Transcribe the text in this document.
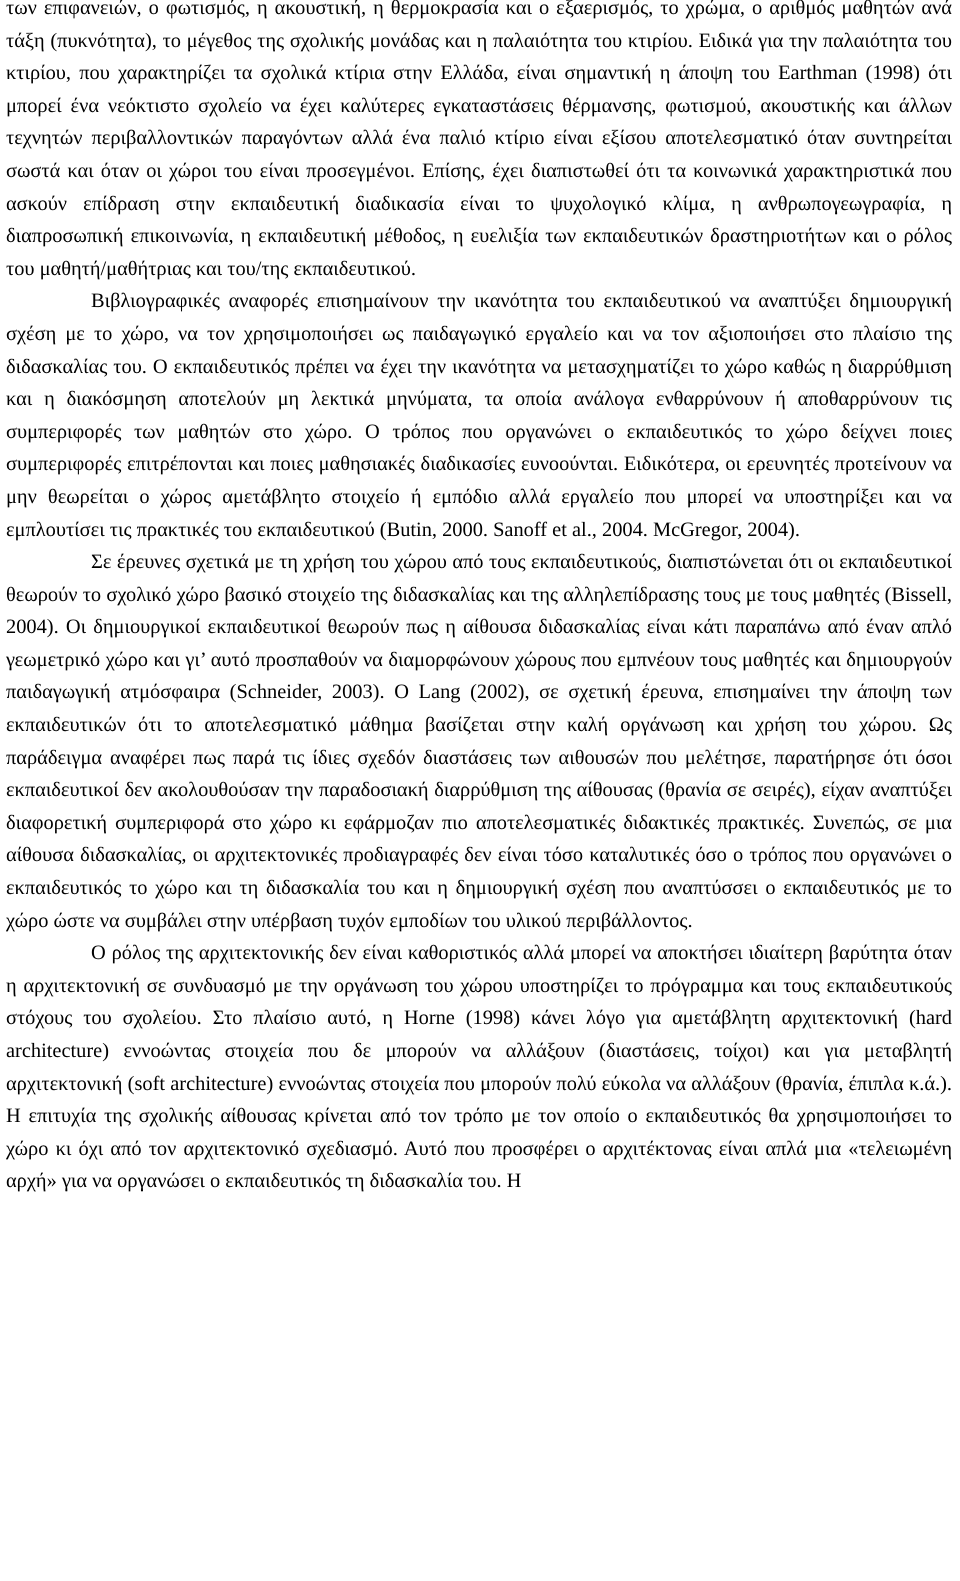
των επιφανειών, ο φωτισμός, η ακουστική, η θερμοκρασία και ο εξαερισμός, το χρώμα, ο αριθμός μαθητών ανά τάξη (πυκνότητα), το μέγεθος της σχολικής μονάδας και η παλαιότητα του κτιρίου. Ειδικά για την παλαιότητα του κτιρίου, που χαρακτηρίζει τα σχολικά κτίρια στην Ελλάδα, είναι σημαντική η άποψη του Earthman (1998) ότι μπορεί ένα νεόκτιστο σχολείο να έχει καλύτερες εγκαταστάσεις θέρμανσης, φωτισμού, ακουστικής και άλλων τεχνητών περιβαλλοντικών παραγόντων αλλά ένα παλιό κτίριο είναι εξίσου αποτελεσματικό όταν συντηρείται σωστά και όταν οι χώροι του είναι προσεγμένοι. Επίσης, έχει διαπιστωθεί ότι τα κοινωνικά χαρακτηριστικά που ασκούν επίδραση στην εκπαιδευτική διαδικασία είναι το ψυχολογικό κλίμα, η ανθρωπογεωγραφία, η διαπροσωπική επικοινωνία, η εκπαιδευτική μέθοδος, η ευελιξία των εκπαιδευτικών δραστηριοτήτων και ο ρόλος του μαθητή/μαθήτριας και του/της εκπαιδευτικού.

Βιβλιογραφικές αναφορές επισημαίνουν την ικανότητα του εκπαιδευτικού να αναπτύξει δημιουργική σχέση με το χώρο, να τον χρησιμοποιήσει ως παιδαγωγικό εργαλείο και να τον αξιοποιήσει στο πλαίσιο της διδασκαλίας του. Ο εκπαιδευτικός πρέπει να έχει την ικανότητα να μετασχηματίζει το χώρο καθώς η διαρρύθμιση και η διακόσμηση αποτελούν μη λεκτικά μηνύματα, τα οποία ανάλογα ενθαρρύνουν ή αποθαρρύνουν τις συμπεριφορές των μαθητών στο χώρο. Ο τρόπος που οργανώνει ο εκπαιδευτικός το χώρο δείχνει ποιες συμπεριφορές επιτρέπονται και ποιες μαθησιακές διαδικασίες ευνοούνται. Ειδικότερα, οι ερευνητές προτείνουν να μην θεωρείται ο χώρος αμετάβλητο στοιχείο ή εμπόδιο αλλά εργαλείο που μπορεί να υποστηρίξει και να εμπλουτίσει τις πρακτικές του εκπαιδευτικού (Butin, 2000. Sanoff et al., 2004. McGregor, 2004).

Σε έρευνες σχετικά με τη χρήση του χώρου από τους εκπαιδευτικούς, διαπιστώνεται ότι οι εκπαιδευτικοί θεωρούν το σχολικό χώρο βασικό στοιχείο της διδασκαλίας και της αλληλεπίδρασης τους με τους μαθητές (Bissell, 2004). Οι δημιουργικοί εκπαιδευτικοί θεωρούν πως η αίθουσα διδασκαλίας είναι κάτι παραπάνω από έναν απλό γεωμετρικό χώρο και γι’ αυτό προσπαθούν να διαμορφώνουν χώρους που εμπνέουν τους μαθητές και δημιουργούν παιδαγωγική ατμόσφαιρα (Schneider, 2003). Ο Lang (2002), σε σχετική έρευνα, επισημαίνει την άποψη των εκπαιδευτικών ότι το αποτελεσματικό μάθημα βασίζεται στην καλή οργάνωση και χρήση του χώρου. Ως παράδειγμα αναφέρει πως παρά τις ίδιες σχεδόν διαστάσεις των αιθουσών που μελέτησε, παρατήρησε ότι όσοι εκπαιδευτικοί δεν ακολουθούσαν την παραδοσιακή διαρρύθμιση της αίθουσας (θρανία σε σειρές), είχαν αναπτύξει διαφορετική συμπεριφορά στο χώρο κι εφάρμοζαν πιο αποτελεσματικές διδακτικές πρακτικές. Συνεπώς, σε μια αίθουσα διδασκαλίας, οι αρχιτεκτονικές προδιαγραφές δεν είναι τόσο καταλυτικές όσο ο τρόπος που οργανώνει ο εκπαιδευτικός το χώρο και τη διδασκαλία του και η δημιουργική σχέση που αναπτύσσει ο εκπαιδευτικός με το χώρο ώστε να συμβάλει στην υπέρβαση τυχόν εμποδίων του υλικού περιβάλλοντος.

Ο ρόλος της αρχιτεκτονικής δεν είναι καθοριστικός αλλά μπορεί να αποκτήσει ιδιαίτερη βαρύτητα όταν η αρχιτεκτονική σε συνδυασμό με την οργάνωση του χώρου υποστηρίζει το πρόγραμμα και τους εκπαιδευτικούς στόχους του σχολείου. Στο πλαίσιο αυτό, η Horne (1998) κάνει λόγο για αμετάβλητη αρχιτεκτονική (hard architecture) εννοώντας στοιχεία που δε μπορούν να αλλάξουν (διαστάσεις, τοίχοι) και για μεταβλητή αρχιτεκτονική (soft architecture) εννοώντας στοιχεία που μπορούν πολύ εύκολα να αλλάξουν (θρανία, έπιπλα κ.ά.). Η επιτυχία της σχολικής αίθουσας κρίνεται από τον τρόπο με τον οποίο ο εκπαιδευτικός θα χρησιμοποιήσει το χώρο κι όχι από τον αρχιτεκτονικό σχεδιασμό. Αυτό που προσφέρει ο αρχιτέκτονας είναι απλά μια «τελειωμένη αρχή» για να οργανώσει ο εκπαιδευτικός τη διδασκαλία του. Η
